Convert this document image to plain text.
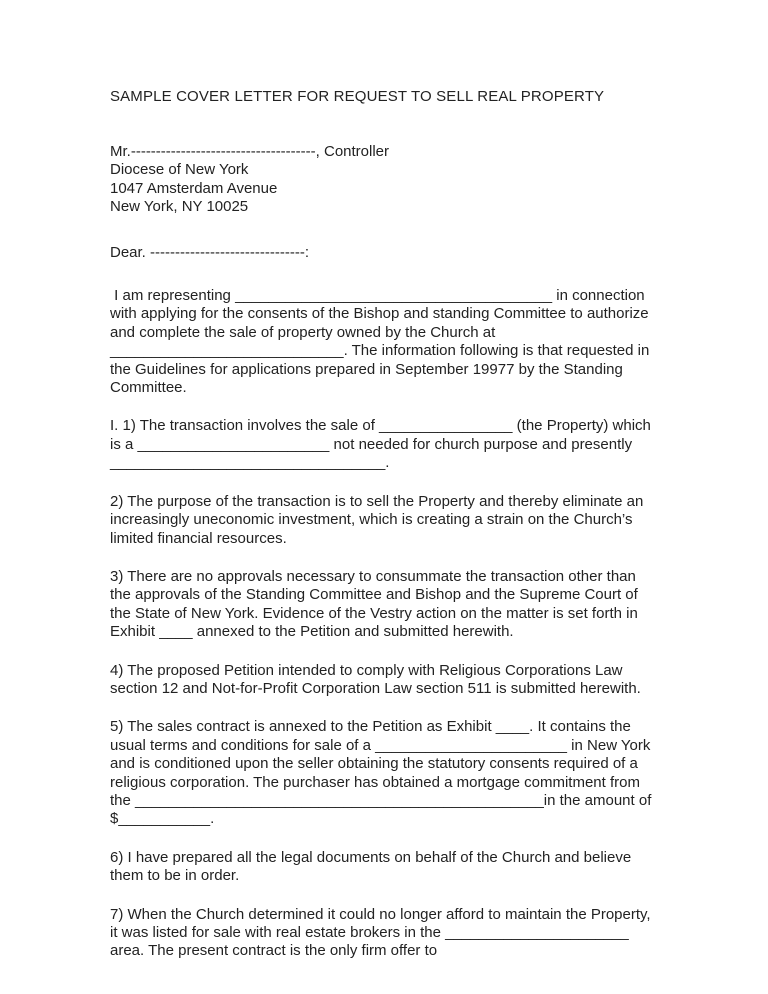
SAMPLE COVER LETTER FOR REQUEST TO SELL REAL PROPERTY
Mr.-------------------------------------, Controller
Diocese of New York
1047 Amsterdam Avenue
New York, NY 10025
Dear. -------------------------------:

I am representing ______________________________________ in connection with applying for the consents of the Bishop and standing Committee to authorize and complete the sale of property owned by the Church at ____________________________. The information following is that requested in the Guidelines for applications prepared in September 19977 by the Standing Committee.

I. 1) The transaction involves the sale of ________________ (the Property) which is a _______________________ not needed for church purpose and presently _________________________________.

2) The purpose of the transaction is to sell the Property and thereby eliminate an increasingly uneconomic investment, which is creating a strain on the Church’s limited financial resources.

3) There are no approvals necessary to consummate the transaction other than the approvals of the Standing Committee and Bishop and the Supreme Court of the State of New York. Evidence of the Vestry action on the matter is set forth in Exhibit ____ annexed to the Petition and submitted herewith.

4) The proposed Petition intended to comply with Religious Corporations Law section 12 and Not-for-Profit Corporation Law section 511 is submitted herewith.

5) The sales contract is annexed to the Petition as Exhibit ____. It contains the usual terms and conditions for sale of a _______________________ in New York and is conditioned upon the seller obtaining the statutory consents required of a religious corporation. The purchaser has obtained a mortgage commitment from the _________________________________________________in the amount of $___________.

6) I have prepared all the legal documents on behalf of the Church and believe them to be in order.

7) When the Church determined it could no longer afford to maintain the Property, it was listed for sale with real estate brokers in the ______________________ area. The present contract is the only firm offer to
